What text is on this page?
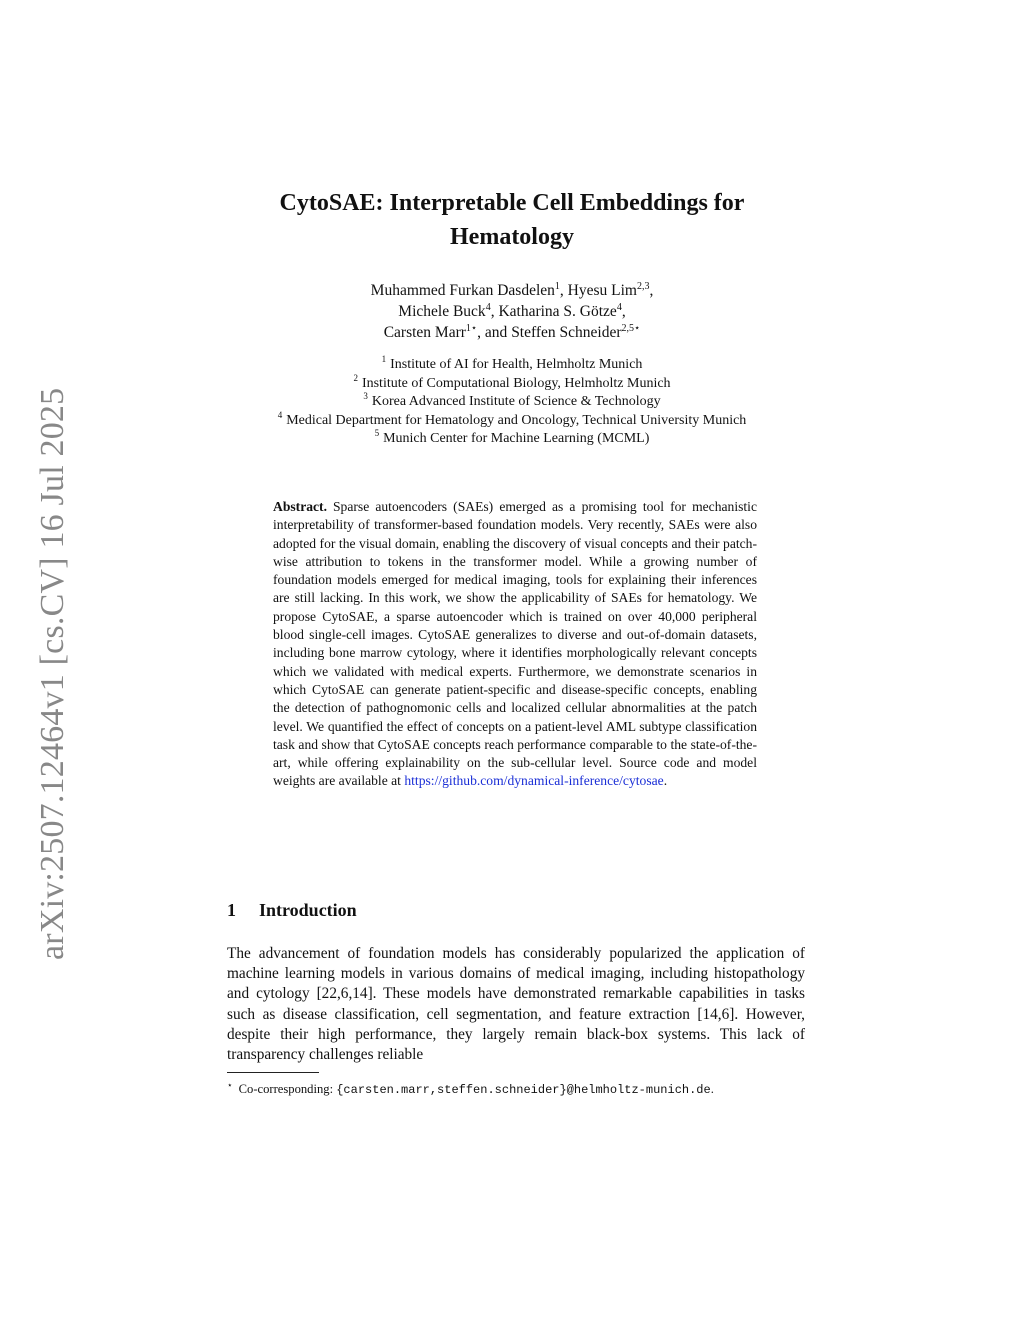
arXiv:2507.12464v1 [cs.CV] 16 Jul 2025
CytoSAE: Interpretable Cell Embeddings for
Hematology
Muhammed Furkan Dasdelen$^1$, Hyesu Lim$^{2,3}$,
Michele Buck$^4$, Katharina S. Götze$^4$,
Carsten Marr$^{1⋆}$, and Steffen Schneider$^{2,5⋆}$
$^1$ Institute of AI for Health, Helmholtz Munich
$^2$ Institute of Computational Biology, Helmholtz Munich
$^3$ Korea Advanced Institute of Science & Technology
$^4$ Medical Department for Hematology and Oncology, Technical University Munich
$^5$ Munich Center for Machine Learning (MCML)
Abstract. Sparse autoencoders (SAEs) emerged as a promising tool for mechanistic interpretability of transformer-based foundation models. Very recently, SAEs were also adopted for the visual domain, enabling the discovery of visual concepts and their patch-wise attribution to tokens in the transformer model. While a growing number of foundation models emerged for medical imaging, tools for explaining their inferences are still lacking. In this work, we show the applicability of SAEs for hematology. We propose CytoSAE, a sparse autoencoder which is trained on over 40,000 peripheral blood single-cell images. CytoSAE generalizes to diverse and out-of-domain datasets, including bone marrow cytology, where it identifies morphologically relevant concepts which we validated with medical experts. Furthermore, we demonstrate scenarios in which CytoSAE can generate patient-specific and disease-specific concepts, enabling the detection of pathognomonic cells and localized cellular abnormalities at the patch level. We quantified the effect of concepts on a patient-level AML subtype classification task and show that CytoSAE concepts reach performance comparable to the state-of-the-art, while offering explainability on the sub-cellular level. Source code and model weights are available at https://github.com/dynamical-inference/cytosae.
1 Introduction
The advancement of foundation models has considerably popularized the application of machine learning models in various domains of medical imaging, including histopathology and cytology [22,6,14]. These models have demonstrated remarkable capabilities in tasks such as disease classification, cell segmentation, and feature extraction [14,6]. However, despite their high performance, they largely remain black-box systems. This lack of transparency challenges reliable
⋆ Co-corresponding: {carsten.marr,steffen.schneider}@helmholtz-munich.de.
